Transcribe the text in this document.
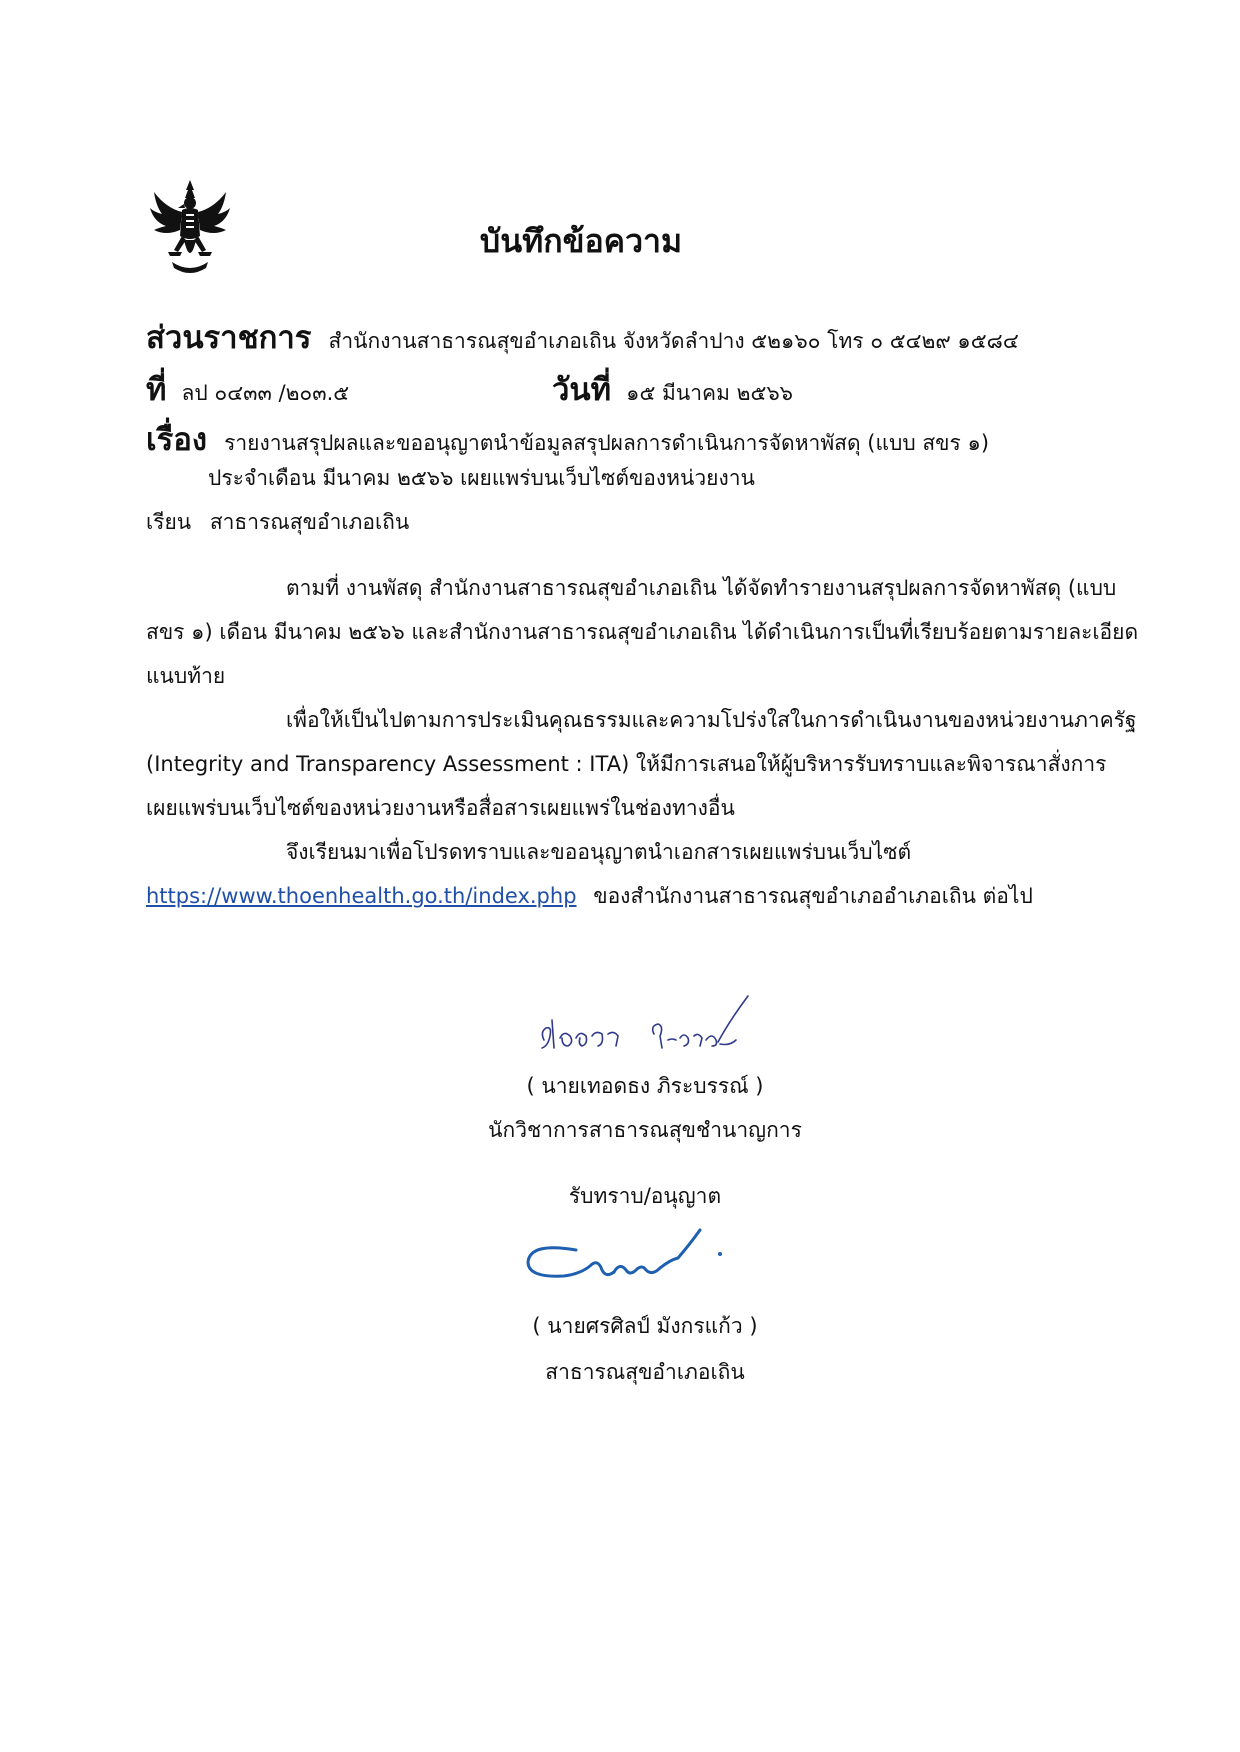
บันทึกข้อความ
ส่วนราชการ สำนักงานสาธารณสุขอำเภอเถิน จังหวัดลำปาง ๕๒๑๖๐ โทร ๐ ๕๔๒๙ ๑๕๘๔
ที่ ลป ๐๔๓๓ /๒๐๓.๕	วันที่ ๑๕ มีนาคม ๒๕๖๖
เรื่อง รายงานสรุปผลและขออนุญาตนำข้อมูลสรุปผลการดำเนินการจัดหาพัสดุ (แบบ สขร ๑)
ประจำเดือน มีนาคม ๒๕๖๖ เผยแพร่บนเว็บไซต์ของหน่วยงาน
เรียน สาธารณสุขอำเภอเถิน
ตามที่ งานพัสดุ สำนักงานสาธารณสุขอำเภอเถิน ได้จัดทำรายงานสรุปผลการจัดหาพัสดุ (แบบ
สขร ๑) เดือน มีนาคม ๒๕๖๖ และสำนักงานสาธารณสุขอำเภอเถิน ได้ดำเนินการเป็นที่เรียบร้อยตามรายละเอียด
แนบท้าย
เพื่อให้เป็นไปตามการประเมินคุณธรรมและความโปร่งใสในการดำเนินงานของหน่วยงานภาครัฐ
(Integrity and Transparency Assessment : ITA) ให้มีการเสนอให้ผู้บริหารรับทราบและพิจารณาสั่งการ
เผยแพร่บนเว็บไซต์ของหน่วยงานหรือสื่อสารเผยแพร่ในช่องทางอื่น
จึงเรียนมาเพื่อโปรดทราบและขออนุญาตนำเอกสารเผยแพร่บนเว็บไซต์
https://www.thoenhealth.go.th/index.php ของสำนักงานสาธารณสุขอำเภออำเภอเถิน ต่อไป
( นายเทอดธง ภิระบรรณ์ )
นักวิชาการสาธารณสุขชำนาญการ
รับทราบ/อนุญาต
( นายศรศิลป์ มังกรแก้ว )
สาธารณสุขอำเภอเถิน
